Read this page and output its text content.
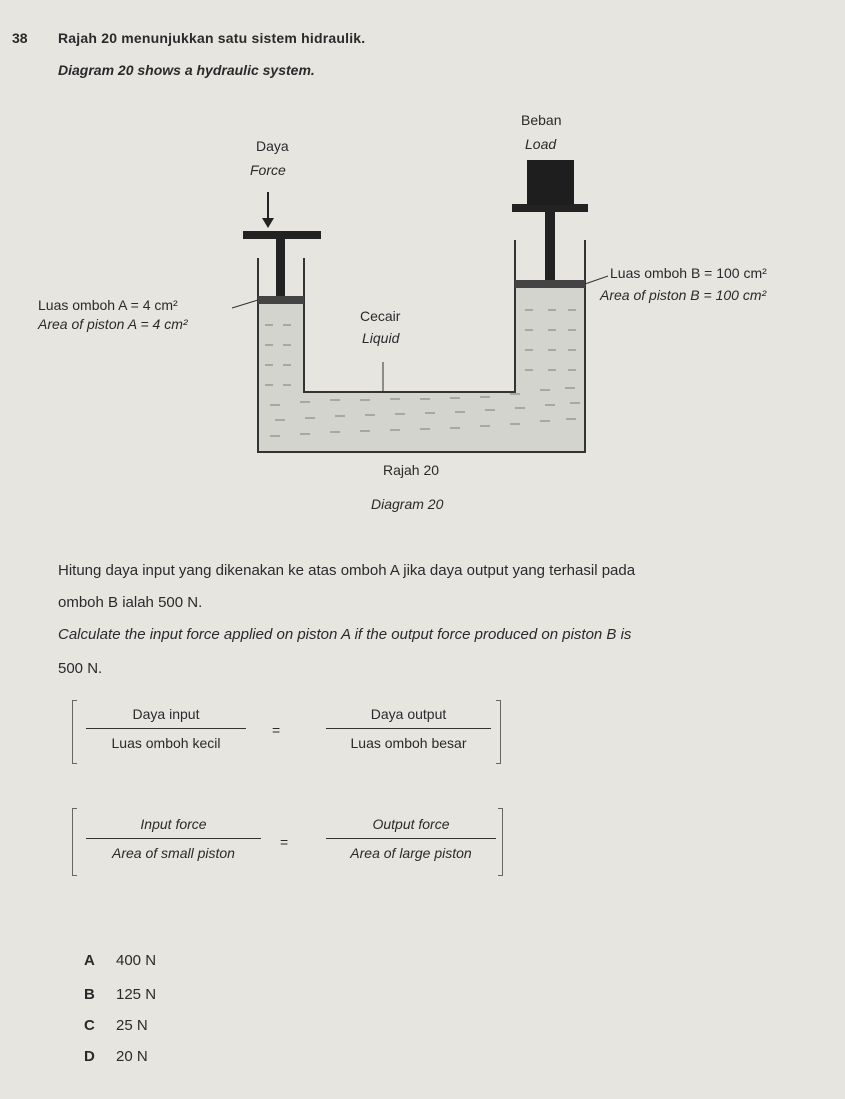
38 Rajah 20 menunjukkan satu sistem hidraulik.
Diagram 20 shows a hydraulic system.
Beban
Load
Daya
Force
Luas omboh A = 4 cm²
Area of piston A = 4 cm²
Luas omboh B = 100 cm²
Area of piston B = 100 cm²
Cecair
Liquid
Rajah 20
Diagram 20
Hitung daya input yang dikenakan ke atas omboh A jika daya output yang terhasil pada
omboh B ialah 500 N.
Calculate the input force applied on piston A if the output force produced on piston B is
500 N.
Daya input
Luas omboh kecil
=
Daya output
Luas omboh besar
Input force
Area of small piston
=
Output force
Area of large piston
A 400 N
B 125 N
C 25 N
D 20 N
